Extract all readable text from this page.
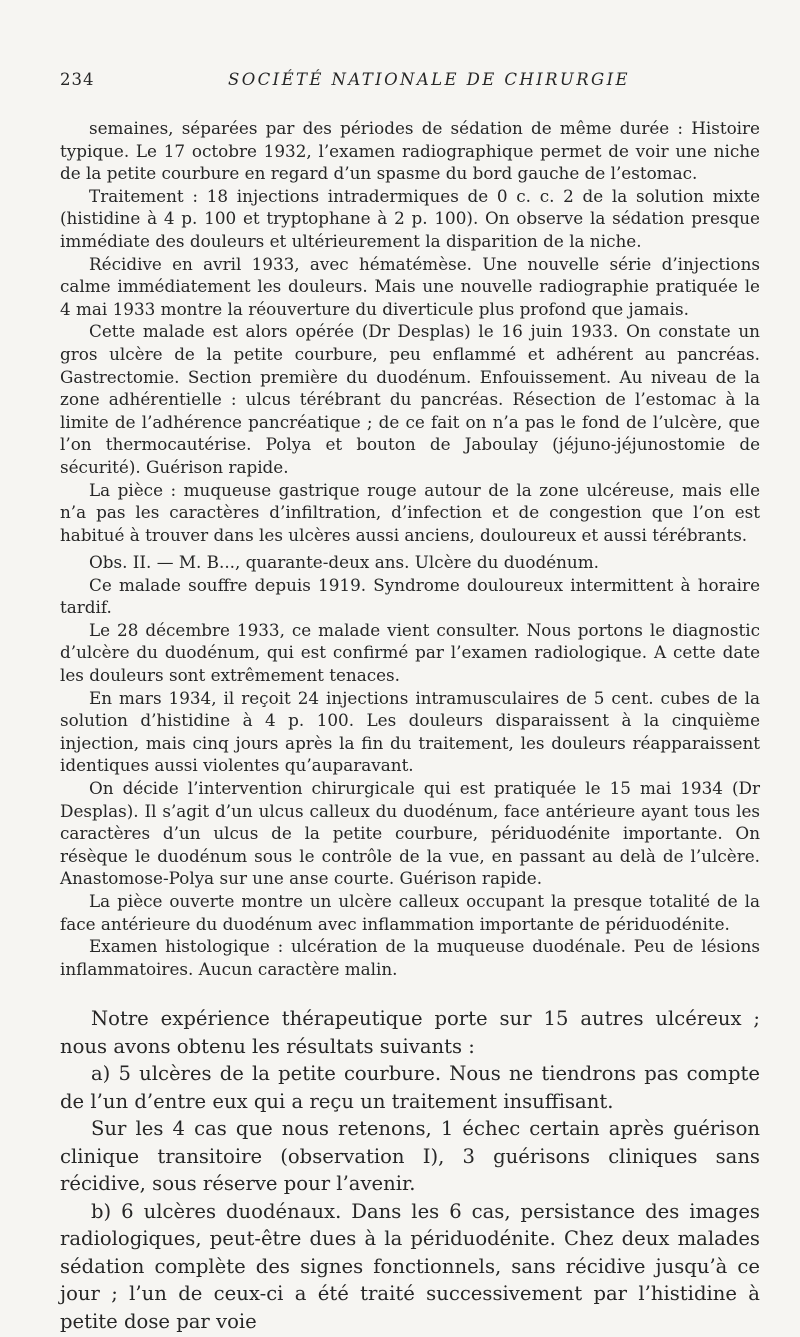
234	SOCIÉTÉ NATIONALE DE CHIRURGIE

semaines, séparées par des périodes de sédation de même durée : Histoire typique. Le 17 octobre 1932, l’examen radiographique permet de voir une niche de la petite courbure en regard d’un spasme du bord gauche de l’estomac.

Traitement : 18 injections intradermiques de 0 c. c. 2 de la solution mixte (histidine à 4 p. 100 et tryptophane à 2 p. 100). On observe la sédation presque immédiate des douleurs et ultérieurement la disparition de la niche.

Récidive en avril 1933, avec hématémèse. Une nouvelle série d’injections calme immédiatement les douleurs. Mais une nouvelle radiographie pratiquée le 4 mai 1933 montre la réouverture du diverticule plus profond que jamais.

Cette malade est alors opérée (Dr Desplas) le 16 juin 1933. On constate un gros ulcère de la petite courbure, peu enflammé et adhérent au pancréas. Gastrectomie. Section première du duodénum. Enfouissement. Au niveau de la zone adhérentielle : ulcus térébrant du pancréas. Résection de l’estomac à la limite de l’adhérence pancréatique ; de ce fait on n’a pas le fond de l’ulcère, que l’on thermocautérise. Polya et bouton de Jaboulay (jéjuno-jéjunostomie de sécurité). Guérison rapide.

La pièce : muqueuse gastrique rouge autour de la zone ulcéreuse, mais elle n’a pas les caractères d’infiltration, d’infection et de congestion que l’on est habitué à trouver dans les ulcères aussi anciens, douloureux et aussi térébrants.

Obs. II. — M. B..., quarante-deux ans. Ulcère du duodénum.

Ce malade souffre depuis 1919. Syndrome douloureux intermittent à horaire tardif.

Le 28 décembre 1933, ce malade vient consulter. Nous portons le diagnostic d’ulcère du duodénum, qui est confirmé par l’examen radiologique. A cette date les douleurs sont extrêmement tenaces.

En mars 1934, il reçoit 24 injections intramusculaires de 5 cent. cubes de la solution d’histidine à 4 p. 100. Les douleurs disparaissent à la cinquième injection, mais cinq jours après la fin du traitement, les douleurs réapparaissent identiques aussi violentes qu’auparavant.

On décide l’intervention chirurgicale qui est pratiquée le 15 mai 1934 (Dr Desplas). Il s’agit d’un ulcus calleux du duodénum, face antérieure ayant tous les caractères d’un ulcus de la petite courbure, périduodénite importante. On résèque le duodénum sous le contrôle de la vue, en passant au delà de l’ulcère. Anastomose-Polya sur une anse courte. Guérison rapide.

La pièce ouverte montre un ulcère calleux occupant la presque totalité de la face antérieure du duodénum avec inflammation importante de périduodénite.

Examen histologique : ulcération de la muqueuse duodénale. Peu de lésions inflammatoires. Aucun caractère malin.

Notre expérience thérapeutique porte sur 15 autres ulcéreux ; nous avons obtenu les résultats suivants :

a) 5 ulcères de la petite courbure. Nous ne tiendrons pas compte de l’un d’entre eux qui a reçu un traitement insuffisant.

Sur les 4 cas que nous retenons, 1 échec certain après guérison clinique transitoire (observation I), 3 guérisons cliniques sans récidive, sous réserve pour l’avenir.

b) 6 ulcères duodénaux. Dans les 6 cas, persistance des images radiologiques, peut-être dues à la périduodénite. Chez deux malades sédation complète des signes fonctionnels, sans récidive jusqu’à ce jour ; l’un de ceux-ci a été traité successivement par l’histidine à petite dose par voie
